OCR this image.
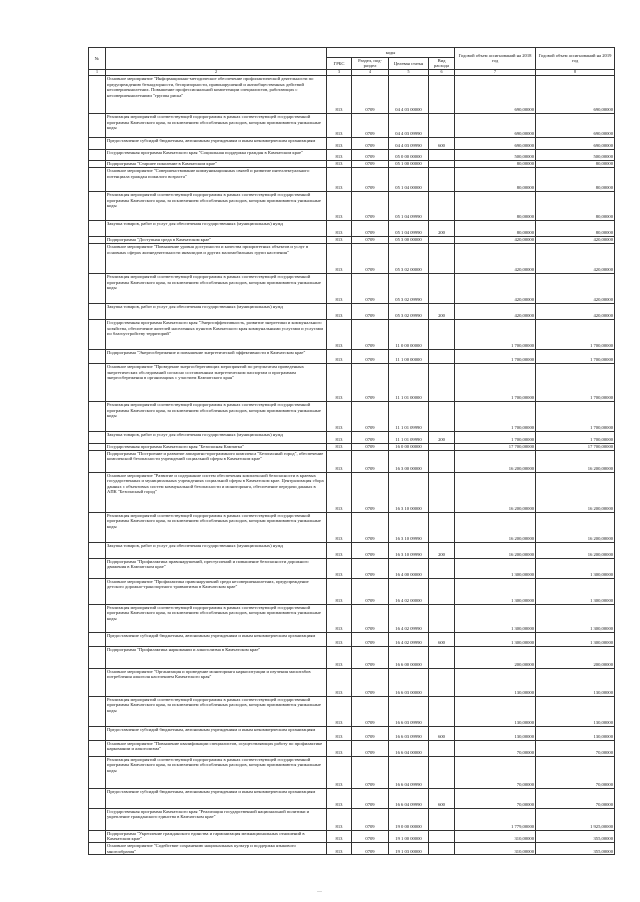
№		коды				Годовой объем ассигнований на 2018 год	Годовой объем ассигнований на 2019 год
		ГРБС	Раздел, под-раздел	Целевая статья	Вид расхода		
1	2	3	4	5	6	7	8

	Основное мероприятие "Информационно-методическое обеспечение профилактической деятельности по предупреждению безнадзорности, беспризорности, правонарушений и антиобщественных действий несовершеннолетних. Повышение профессиональной компетенции специалистов, работающих с несовершеннолетними "группы риска"	813	0709	04 4 03 00000		690,00000	690,00000

	Реализация мероприятий соответствующей подпрограммы в рамках соответствующей государственной программы Камчатского края, за исключением обособленных расходов, которым присваиваются уникальные коды	813	0709	04 4 03 09990		690,00000	690,00000

	Предоставление субсидий бюджетным, автономным учреждениям и иным некоммерческим организациям	813	0709	04 4 03 09990	600	690,00000	690,00000

	Государственная программа Камчатского края "Социальная поддержка граждан в Камчатском крае"	813	0709	05 0 00 00000		500,00000	500,00000

	Подпрограмма "Старшее поколение в Камчатском крае"	813	0709	05 1 00 00000		80,00000	80,00000

	Основное мероприятие "Совершенствование коммуникационных связей и развитие интеллектуального потенциала граждан пожилого возраста"	813	0709	05 1 04 00000		80,00000	80,00000

	Реализация мероприятий соответствующей подпрограммы в рамках соответствующей государственной программы Камчатского края, за исключением обособленных расходов, которым присваиваются уникальные коды	813	0709	05 1 04 09990		80,00000	80,00000

	Закупка товаров, работ и услуг для обеспечения государственных (муниципальных) нужд	813	0709	05 1 04 09990	200	80,00000	80,00000

	Подпрограмма "Доступная среда в Камчатском крае"	813	0709	05 3 00 00000		420,00000	420,00000

	Основное мероприятие "Повышение уровня доступности и качества приоритетных объектов и услуг в основных сферах жизнедеятельности инвалидов и других маломобильных групп населения"	813	0709	05 3 02 00000		420,00000	420,00000

	Реализация мероприятий соответствующей подпрограммы в рамках соответствующей государственной программы Камчатского края, за исключением обособленных расходов, которым присваиваются уникальные коды	813	0709	05 3 02 09990		420,00000	420,00000

	Закупка товаров, работ и услуг для обеспечения государственных (муниципальных) нужд	813	0709	05 3 02 09990	200	420,00000	420,00000

	Государственная программа Камчатского края "Энергоэффективность, развитие энергетики и коммунального хозяйства, обеспечение жителей населенных пунктов Камчатского края коммунальными услугами и услугами по благоустройству территорий"	813	0709	11 0 00 00000		1 700,00000	1 700,00000

	Подпрограмма "Энергосбережение и повышение энергетической эффективности в Камчатском крае"	813	0709	11 1 00 00000		1 700,00000	1 700,00000

	Основное мероприятие "Проведение энергосберегающих мероприятий по результатам проведенных энергетических обследований согласно составленным энергетическим паспортам и программам энергосбережения в организациях с участием Камчатского края"	813	0709	11 1 01 00000		1 700,00000	1 700,00000

	Реализация мероприятий соответствующей подпрограммы в рамках соответствующей государственной программы Камчатского края, за исключением обособленных расходов, которым присваиваются уникальные коды	813	0709	11 1 01 09990		1 700,00000	1 700,00000

	Закупка товаров, работ и услуг для обеспечения государственных (муниципальных) нужд	813	0709	11 1 01 09990	200	1 700,00000	1 700,00000

	Государственная программа Камчатского края "Безопасная Камчатка"	813	0709	16 0 00 00000		17 700,00000	17 700,00000

	Подпрограмма "Построение и развитие аппаратно-программного комплекса "Безопасный город", обеспечение комплексной безопасности учреждений социальной сферы в Камчатском крае"	813	0709	16 3 00 00000		16 200,00000	16 200,00000

	Основное мероприятие "Развитие и содержание систем обеспечения комплексной безопасности в краевых государственных и муниципальных учреждениях социальной сферы в Камчатском крае. Централизация сбора данных с объектовых систем коммунальной безопасности и мониторинга, обеспечение передачи данных в АПК "Безопасный город"	813	0709	16 3 10 00000		16 200,00000	16 200,00000

	Реализация мероприятий соответствующей подпрограммы в рамках соответствующей государственной программы Камчатского края, за исключением обособленных расходов, которым присваиваются уникальные коды	813	0709	16 3 10 09990		16 200,00000	16 200,00000

	Закупка товаров, работ и услуг для обеспечения государственных (муниципальных) нужд	813	0709	16 3 10 09990	200	16 200,00000	16 200,00000

	Подпрограмма "Профилактика правонарушений, преступлений и повышение безопасности дорожного движения в Камчатском крае"	813	0709	16 4 00 00000		1 300,00000	1 300,00000

	Основное мероприятие "Профилактика правонарушений среди несовершеннолетних, предупреждение детского дорожно-транспортного травматизма в Камчатском крае"	813	0709	16 4 02 00000		1 300,00000	1 300,00000

	Реализация мероприятий соответствующей подпрограммы в рамках соответствующей государственной программы Камчатского края, за исключением обособленных расходов, которым присваиваются уникальные коды	813	0709	16 4 02 09990		1 300,00000	1 300,00000

	Предоставление субсидий бюджетным, автономным учреждениям и иным некоммерческим организациям	813	0709	16 4 02 09990	600	1 300,00000	1 300,00000

	Подпрограмма "Профилактика наркомании и алкоголизма в Камчатском крае"	813	0709	16 6 00 00000		200,00000	200,00000

	Основное мероприятие "Организация и проведение мониторинга наркоситуации и изучения масштабов потребления алкоголя населением Камчатского края"	813	0709	16 6 03 00000		130,00000	130,00000

	Реализация мероприятий соответствующей подпрограммы в рамках соответствующей государственной программы Камчатского края, за исключением обособленных расходов, которым присваиваются уникальные коды	813	0709	16 6 03 09990		130,00000	130,00000

	Предоставление субсидий бюджетным, автономным учреждениям и иным некоммерческим организациям	813	0709	16 6 03 09990	600	130,00000	130,00000

	Основное мероприятие "Повышение квалификации специалистов, осуществляющих работу по профилактике наркомании и алкоголизма"	813	0709	16 6 04 00000		70,00000	70,00000

	Реализация мероприятий соответствующей подпрограммы в рамках соответствующей государственной программы Камчатского края, за исключением обособленных расходов, которым присваиваются уникальные коды	813	0709	16 6 04 09990		70,00000	70,00000

	Предоставление субсидий бюджетным, автономным учреждениям и иным некоммерческим организациям	813	0709	16 6 04 09990	600	70,00000	70,00000

	Государственная программа Камчатского края "Реализация государственной национальной политики и укрепление гражданского единства в Камчатском крае"	813	0709	19 0 00 00000		1 779,00000	1 925,00000

	Подпрограмма "Укрепление гражданского единства и гармонизация межнациональных отношений в Камчатском крае"	813	0709	19 1 00 00000		310,00000	355,00000

	Основное мероприятие "Содействие сохранению национальных культур и поддержка языкового многообразия"	813	0709	19 1 03 00000		310,00000	355,00000
—
